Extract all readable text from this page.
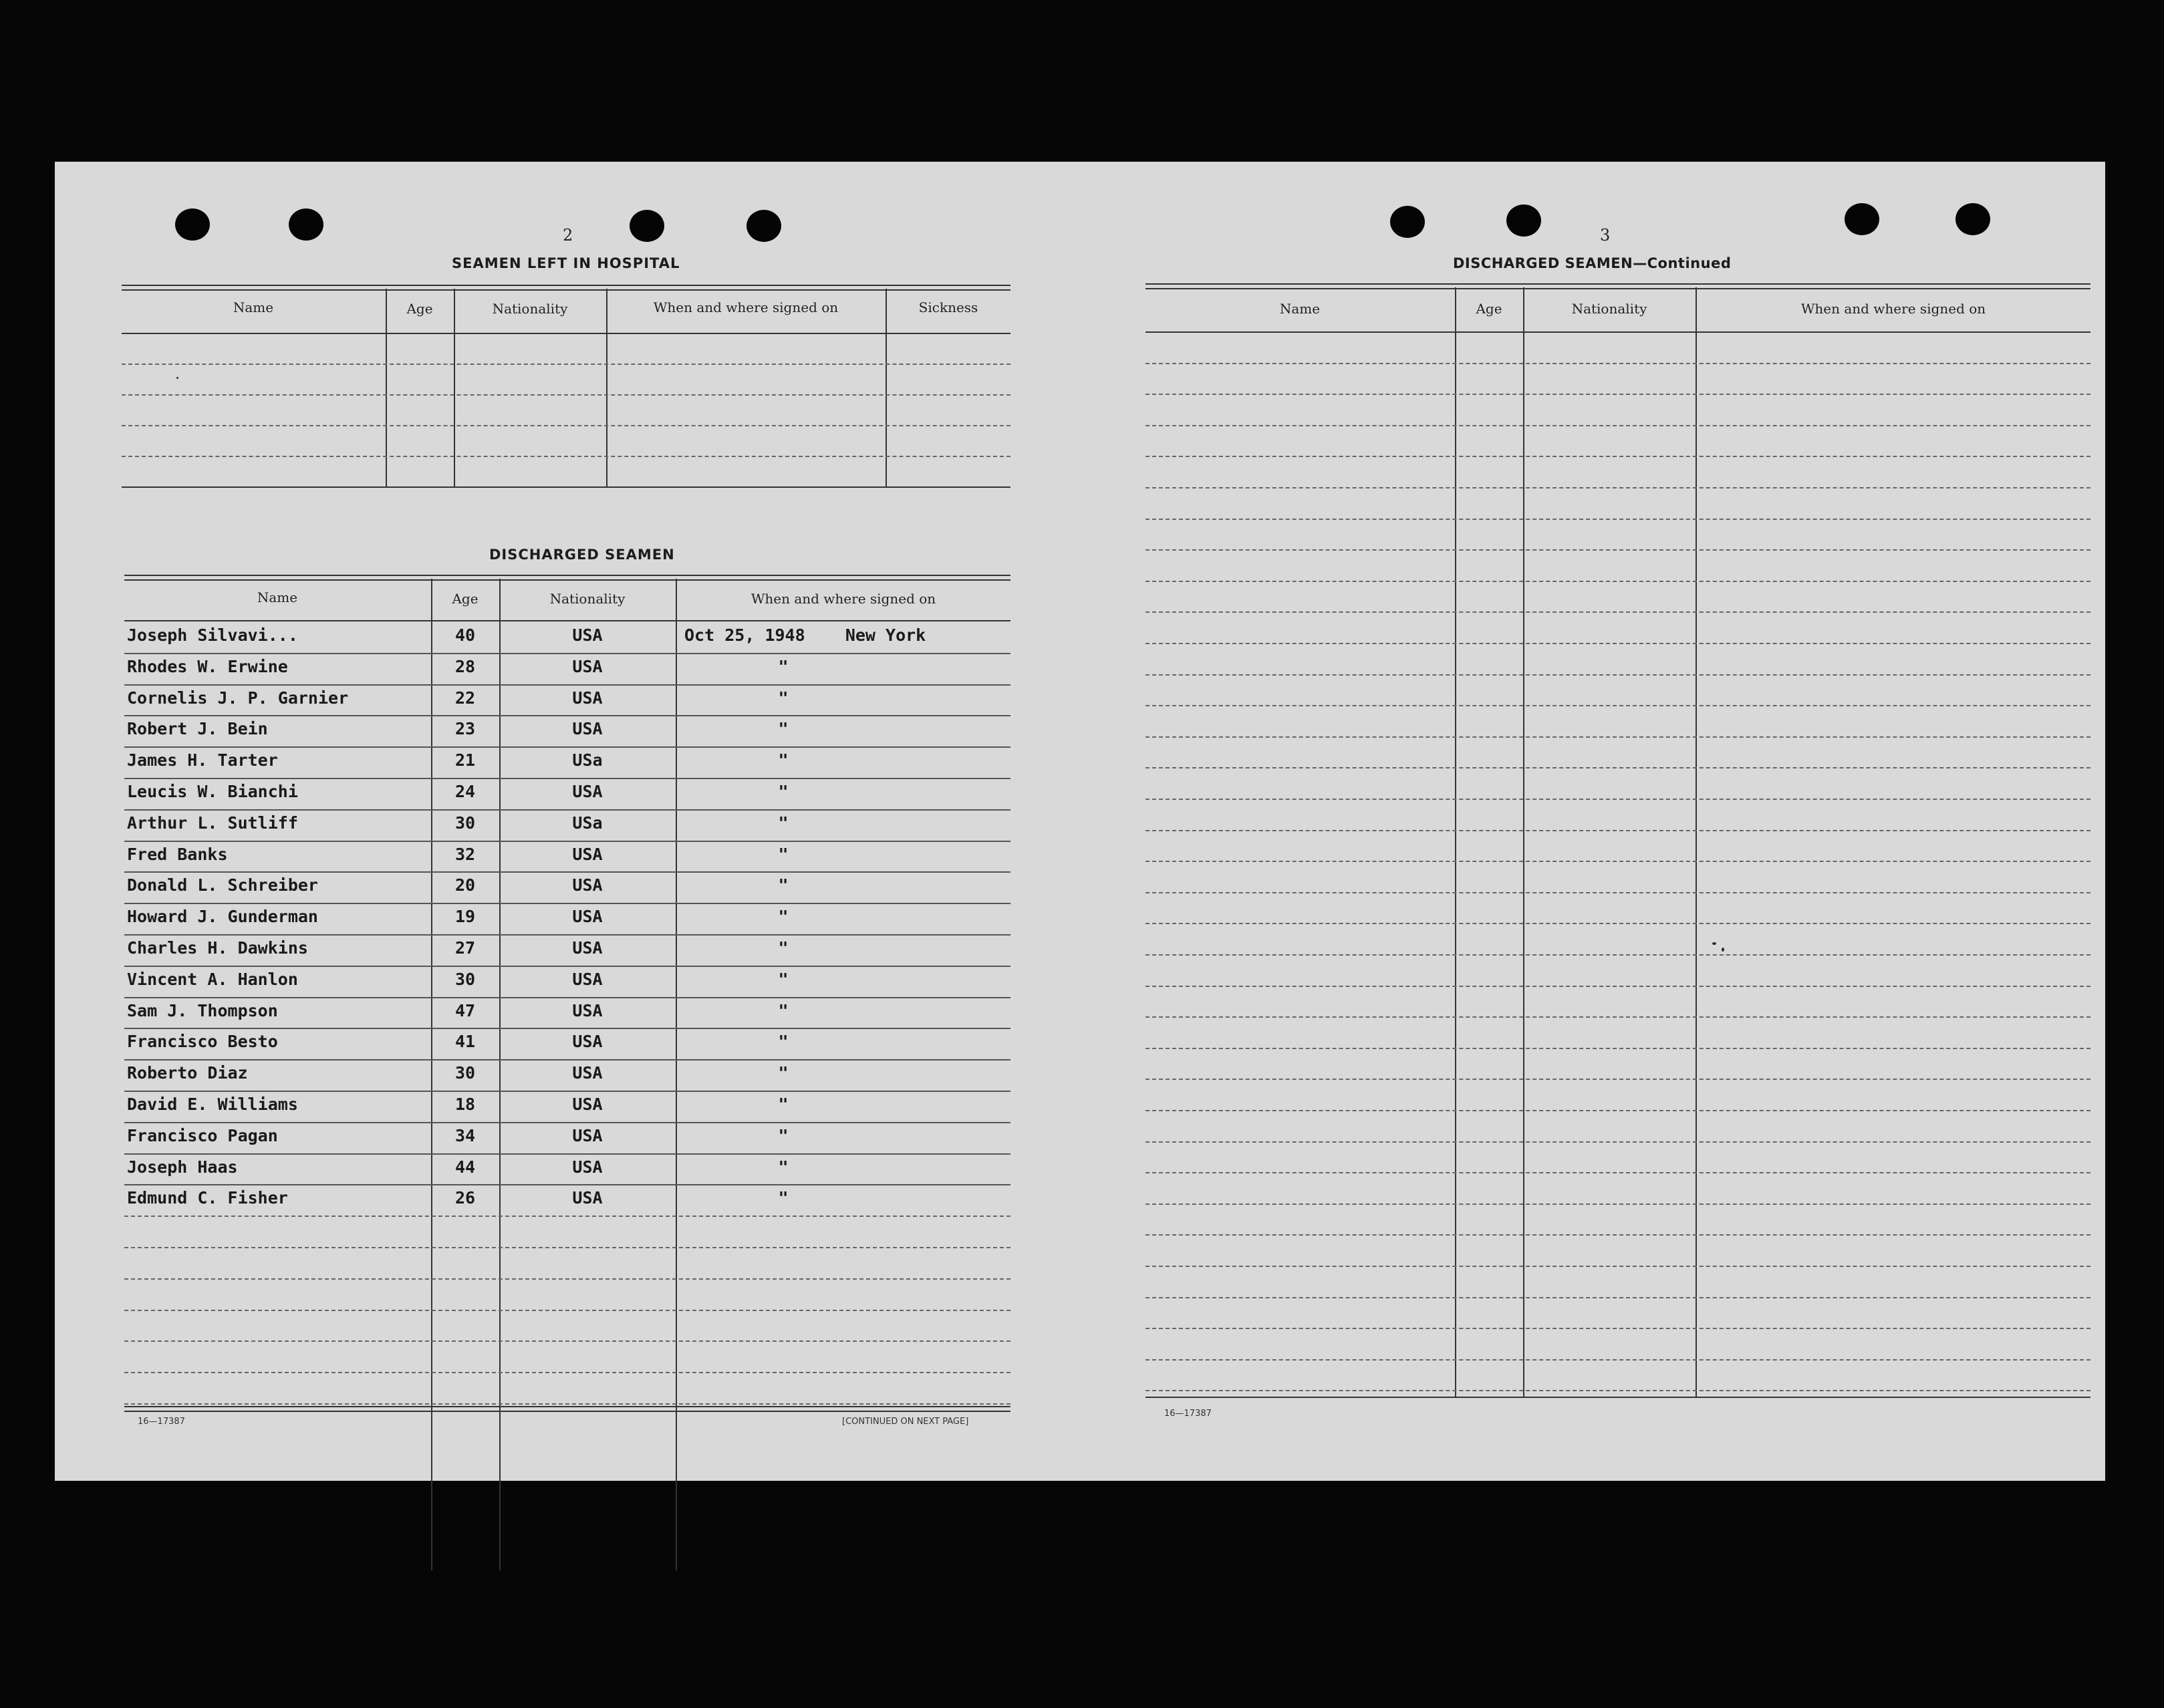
2
SEAMEN LEFT IN HOSPITAL
Name	Age	Nationality	When and where signed on	Sickness
DISCHARGED SEAMEN
Name	Age	Nationality	When and where signed on
Joseph Silvavi...	40	USA	Oct 25, 1948    New York
Rhodes W. Erwine	28	USA	"
Cornelis J. P. Garnier	22	USA	"
Robert J. Bein	23	USA	"
James H. Tarter	21	USa	"
Leucis W. Bianchi	24	USA	"
Arthur L. Sutliff	30	USa	"
Fred Banks	32	USA	"
Donald L. Schreiber	20	USA	"
Howard J. Gunderman	19	USA	"
Charles H. Dawkins	27	USA	"
Vincent A. Hanlon	30	USA	"
Sam J. Thompson	47	USA	"
Francisco Besto	41	USA	"
Roberto Diaz	30	USA	"
David E. Williams	18	USA	"
Francisco Pagan	34	USA	"
Joseph Haas	44	USA	"
Edmund C. Fisher	26	USA	"
16—17387	[CONTINUED ON NEXT PAGE]
3
DISCHARGED SEAMEN—Continued
Name	Age	Nationality	When and where signed on
16—17387
